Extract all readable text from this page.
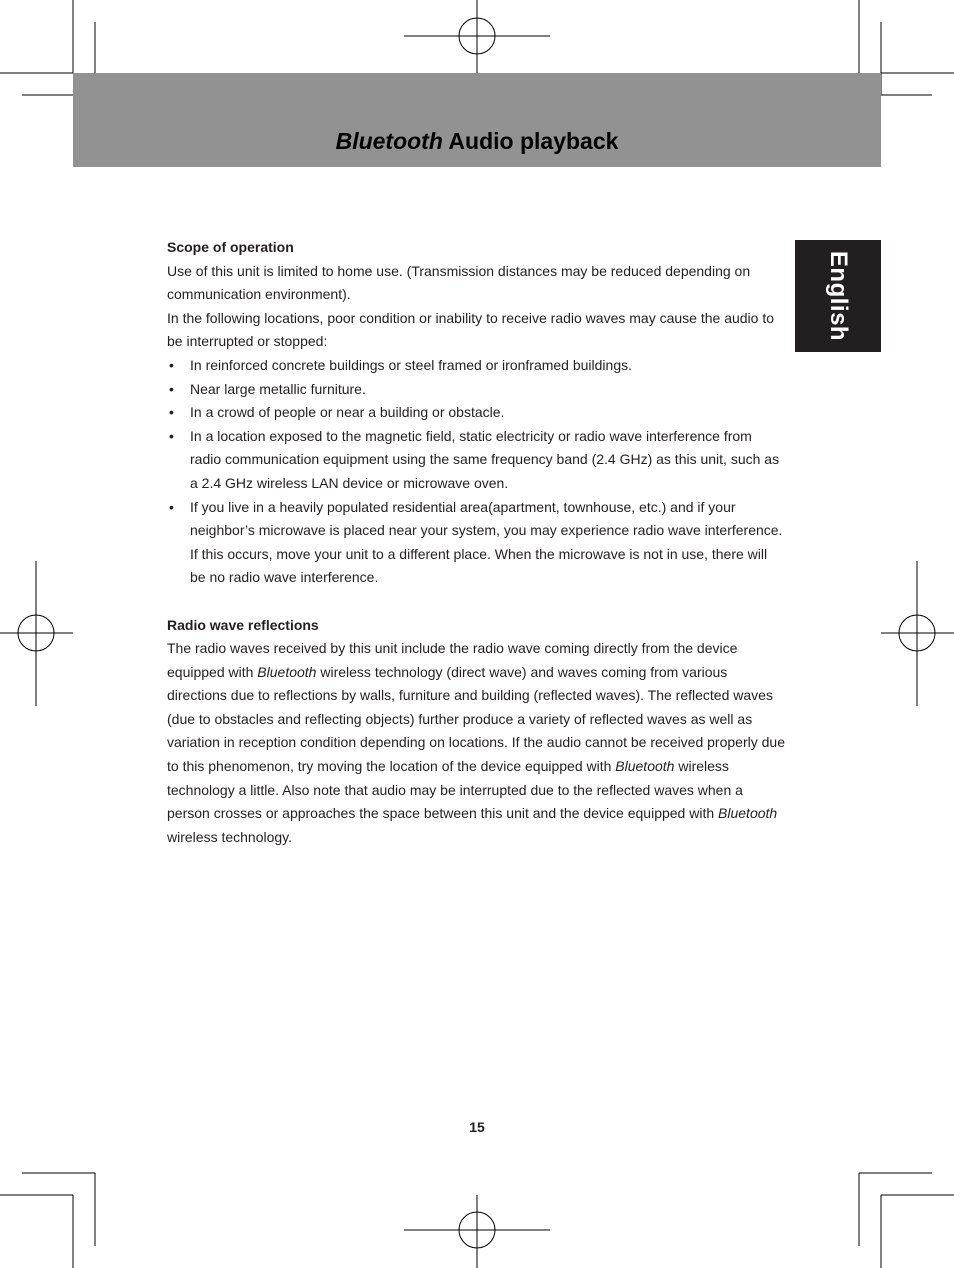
Bluetooth Audio playback
English
Scope of operation

Use of this unit is limited to home use. (Transmission distances may be reduced depending on communication environment).

In the following locations, poor condition or inability to receive radio waves may cause the audio to be interrupted or stopped:

• In reinforced concrete buildings or steel framed or ironframed buildings.
• Near large metallic furniture.
• In a crowd of people or near a building or obstacle.
• In a location exposed to the magnetic field, static electricity or radio wave interference from radio communication equipment using the same frequency band (2.4 GHz) as this unit, such as a 2.4 GHz wireless LAN device or microwave oven.
• If you live in a heavily populated residential area(apartment, townhouse, etc.) and if your neighbor’s microwave is placed near your system, you may experience radio wave interference. If this occurs, move your unit to a different place. When the microwave is not in use, there will be no radio wave interference.
Radio wave reflections

The radio waves received by this unit include the radio wave coming directly from the device equipped with Bluetooth wireless technology (direct wave) and waves coming from various directions due to reflections by walls, furniture and building (reflected waves). The reflected waves (due to obstacles and reflecting objects) further produce a variety of reflected waves as well as variation in reception condition depending on locations. If the audio cannot be received properly due to this phenomenon, try moving the location of the device equipped with Bluetooth wireless technology a little. Also note that audio may be interrupted due to the reflected waves when a person crosses or approaches the space between this unit and the device equipped with Bluetooth wireless technology.

15
